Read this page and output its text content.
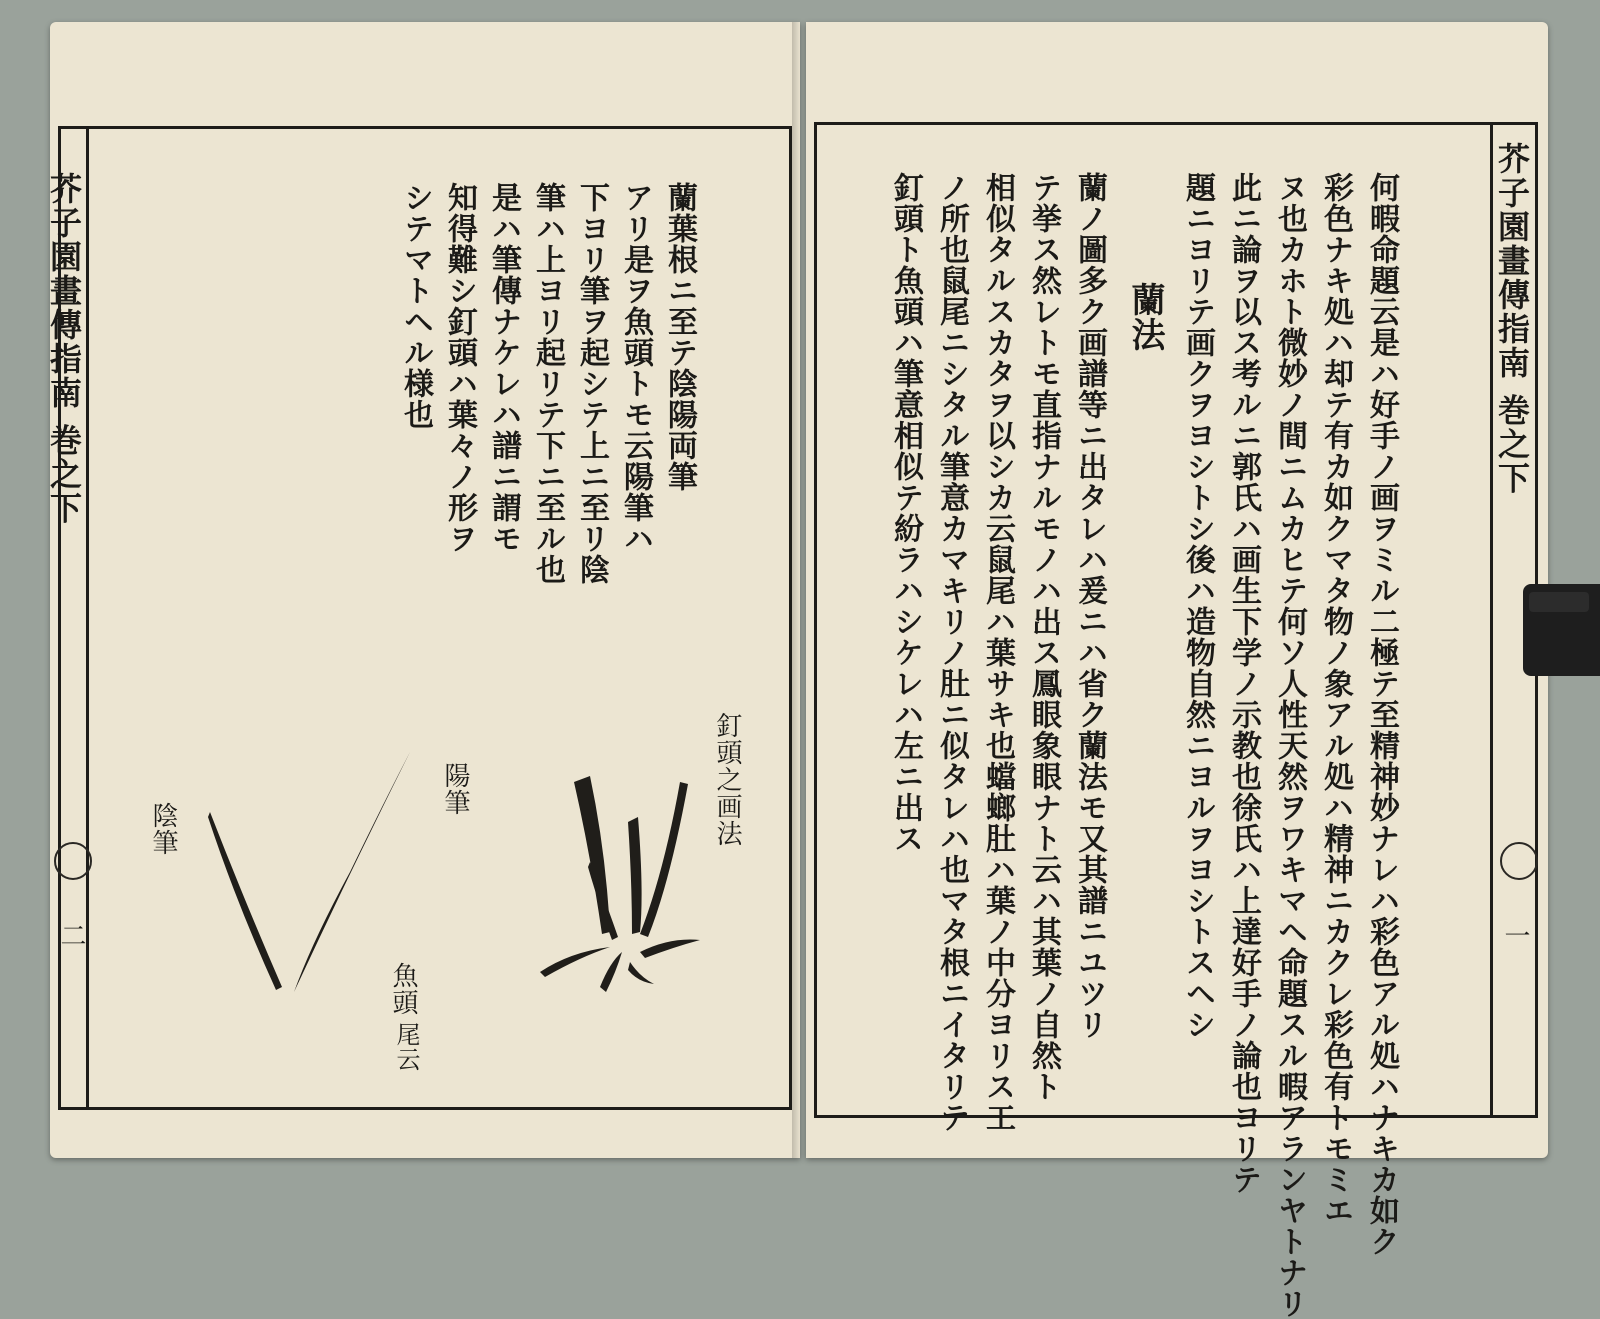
芥子園畫傳指南 巻之下
二
蘭葉根ニ至テ陰陽両筆
アリ是ヲ魚頭トモ云陽筆ハ
下ヨリ筆ヲ起シテ上ニ至リ陰
筆ハ上ヨリ起リテ下ニ至ル也
是ハ筆傳ナケレハ譜ニ謂モ
知得難シ釘頭ハ葉々ノ形ヲ
シテマトヘル様也
釘頭之画法
陽筆
陰筆
魚頭
尾云
芥子園畫傳指南 巻之下
一
何暇命題云是ハ好手ノ画ヲミル二極テ至精神妙ナレハ彩色アル処ハナキカ如ク
彩色ナキ処ハ却テ有カ如クマタ物ノ象アル処ハ精神ニカクレ彩色有トモミエ
ヌ也カホト微妙ノ間ニムカヒテ何ソ人性天然ヲワキマヘ命題スル暇アランヤトナリ
此ニ論ヲ以ス考ルニ郭氏ハ画生下学ノ示教也徐氏ハ上達好手ノ論也ヨリテ
題ニヨリテ画クヲヨシトシ後ハ造物自然ニヨルヲヨシトスヘシ
蘭法
蘭ノ圖多ク画譜等ニ出タレハ爰ニハ省ク蘭法モ又其譜ニユツリ
テ挙ス然レトモ直指ナルモノハ出ス鳳眼象眼ナト云ハ其葉ノ自然ト
相似タルスカタヲ以シカ云鼠尾ハ葉サキ也蟷螂肚ハ葉ノ中分ヨリス工
ノ所也鼠尾ニシタル筆意カマキリノ肚ニ似タレハ也マタ根ニイタリテ
釘頭ト魚頭ハ筆意相似テ紛ラハシケレハ左ニ出ス
